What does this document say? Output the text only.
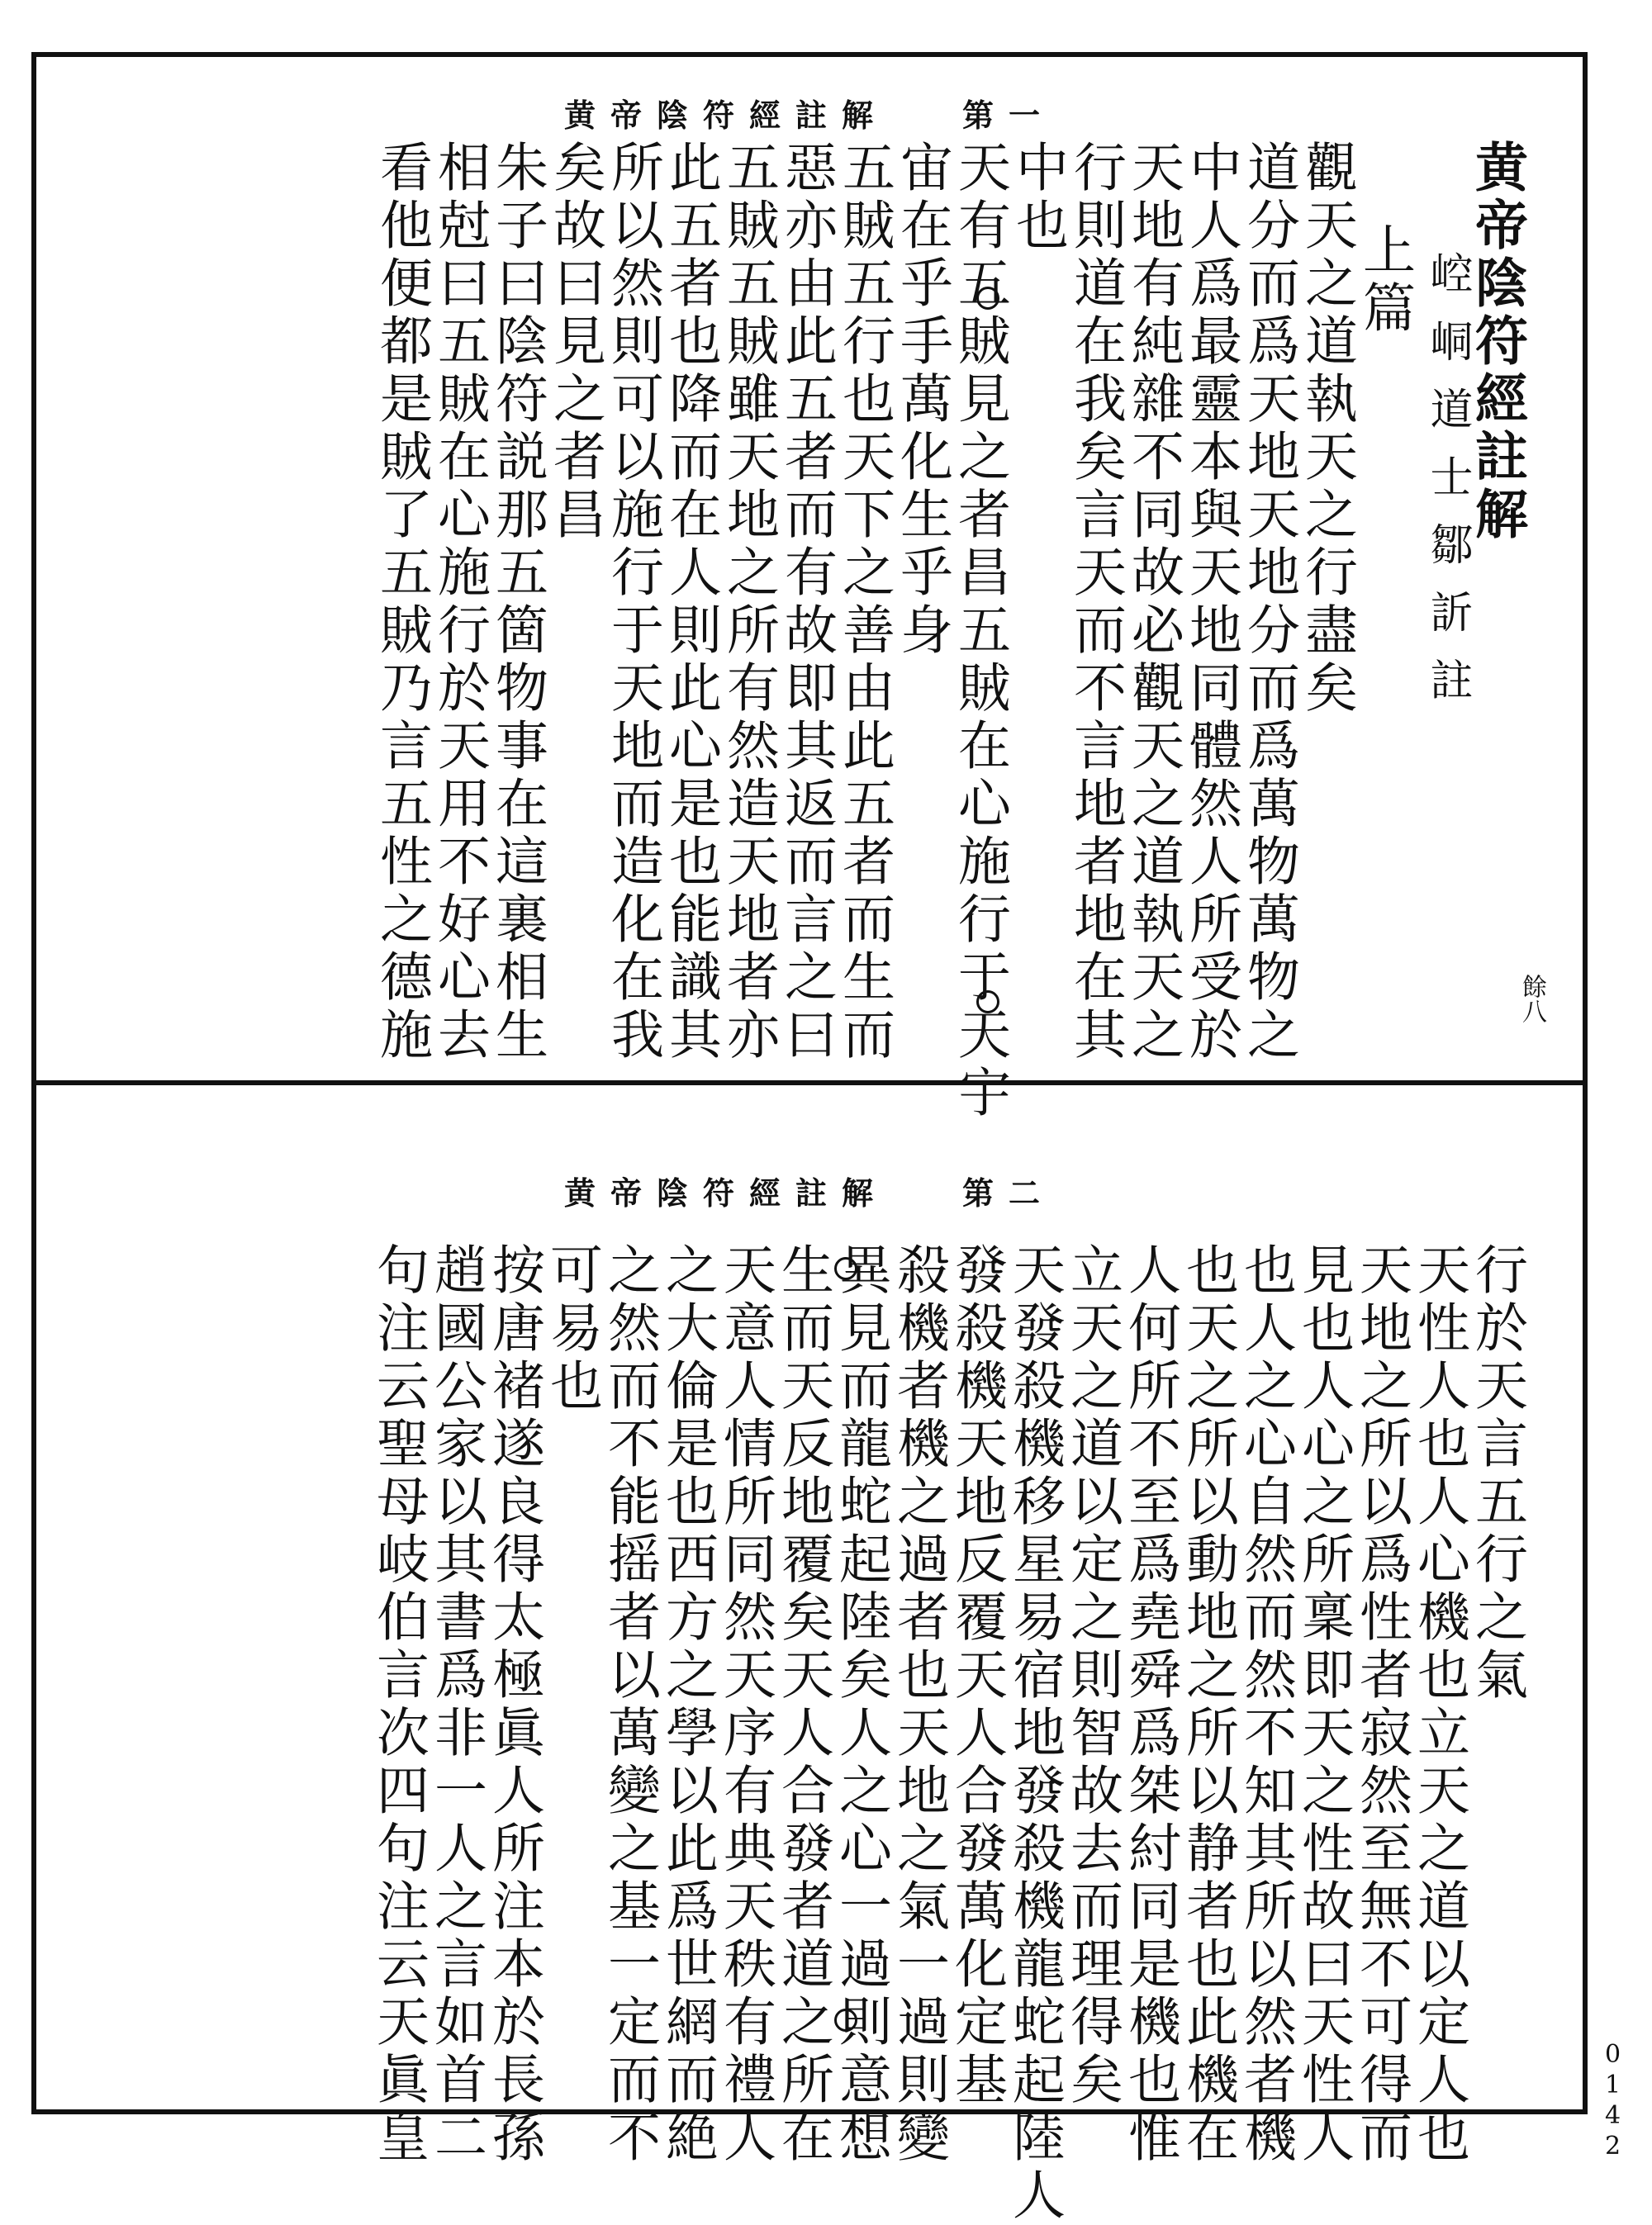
黄帝陰符經註解 第一
黄帝陰符經註解
崆峒道士鄒訢註
上篇
觀天之道執天之行盡矣
道分而爲天地天地分而爲萬物萬物之
中人爲最靈本與天地同體然人所受於
天地有純雜不同故必觀天之道執天之
行則道在我矣言天而不言地者地在其
中也
天有五賊見之者昌五賊在心施行于天宇
宙在乎手萬化生乎身
五賊五行也天下之善由此五者而生而
惡亦由此五者而有故即其返而言之曰
五賊五賊雖天地之所有然造天地者亦
此五者也降而在人則此心是也能識其
所以然則可以施行于天地而造化在我
矣故曰見之者昌
朱子曰陰符説那五箇物事在這裏相生
相尅曰五賊在心施行於天用不好心去
看他便都是賊了五賊乃言五性之德施	餘八
黄帝陰符經註解 第二
行於天言五行之氣
天性人也人心機也立天之道以定人也
天地之所以爲性者寂然至無不可得而
見也人心之所稟即天之性故曰天性人
也人之心自然而然不知其所以然者機
也天之所以動地之所以静者也此機在
人何所不至爲堯舜爲桀紂同是機也惟
立天之道以定之則智故去而理得矣
天發殺機移星易宿地發殺機龍蛇起陸人
發殺機天地反覆天人合發萬化定基
殺機者機之過者也天地之氣一過則變
異見而龍蛇起陸矣人之心一過則意想
生而天反地覆矣天人合發者道之所在
天意人情所同然天序有典天秩有禮人
之大倫是也西方之學以此爲世網而絶
之然而不能摇者以萬變之基一定而不
可易也
按唐褚遂良得太極眞人所注本於長孫
趙國公家以其書爲非一人之言如首二
句注云聖母岐伯言次四句注云天眞皇	0142
